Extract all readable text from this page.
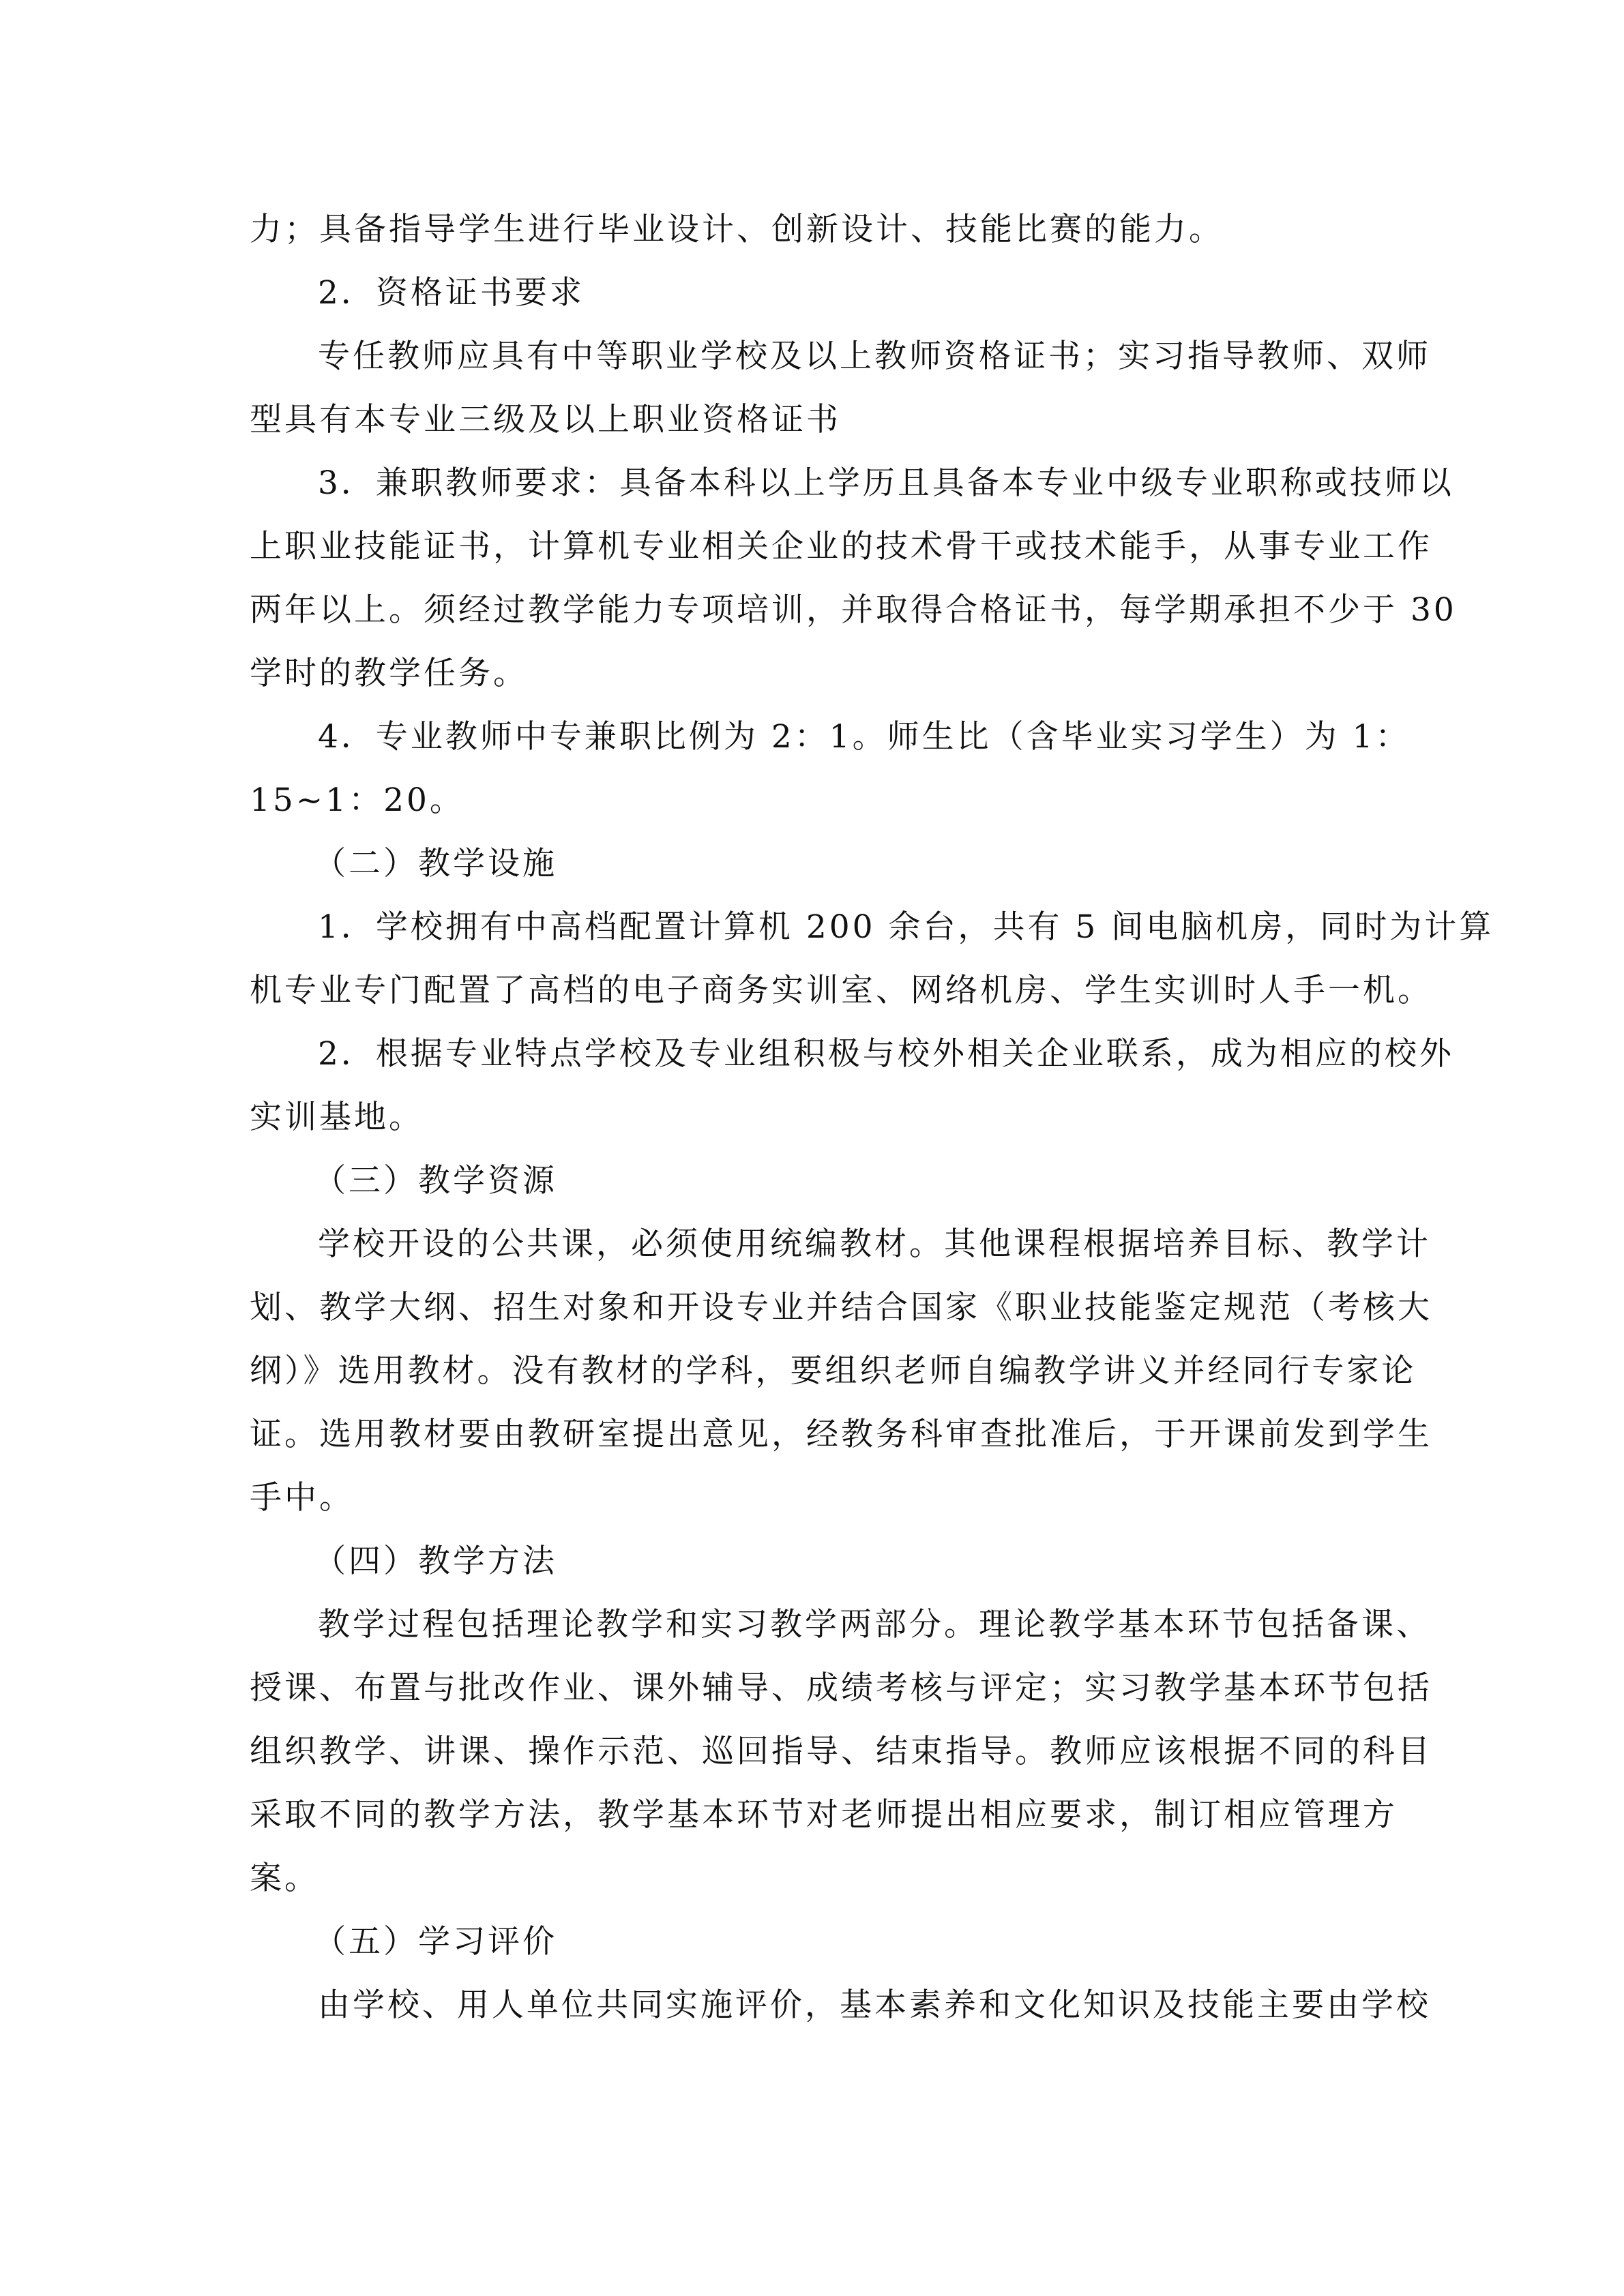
力；具备指导学生进行毕业设计、创新设计、技能比赛的能力。
2．资格证书要求
专任教师应具有中等职业学校及以上教师资格证书；实习指导教师、双师
型具有本专业三级及以上职业资格证书
3．兼职教师要求：具备本科以上学历且具备本专业中级专业职称或技师以
上职业技能证书，计算机专业相关企业的技术骨干或技术能手，从事专业工作
两年以上。须经过教学能力专项培训，并取得合格证书，每学期承担不少于 30
学时的教学任务。
4．专业教师中专兼职比例为 2：1。师生比（含毕业实习学生）为 1：
15~1：20。
（二）教学设施
1．学校拥有中高档配置计算机 200 余台，共有 5 间电脑机房，同时为计算
机专业专门配置了高档的电子商务实训室、网络机房、学生实训时人手一机。
2．根据专业特点学校及专业组积极与校外相关企业联系，成为相应的校外
实训基地。
（三）教学资源
学校开设的公共课，必须使用统编教材。其他课程根据培养目标、教学计
划、教学大纲、招生对象和开设专业并结合国家《职业技能鉴定规范（考核大
纲）》选用教材。没有教材的学科，要组织老师自编教学讲义并经同行专家论
证。选用教材要由教研室提出意见，经教务科审查批准后，于开课前发到学生
手中。
（四）教学方法
教学过程包括理论教学和实习教学两部分。理论教学基本环节包括备课、
授课、布置与批改作业、课外辅导、成绩考核与评定；实习教学基本环节包括
组织教学、讲课、操作示范、巡回指导、结束指导。教师应该根据不同的科目
采取不同的教学方法，教学基本环节对老师提出相应要求，制订相应管理方
案。
（五）学习评价
由学校、用人单位共同实施评价，基本素养和文化知识及技能主要由学校
